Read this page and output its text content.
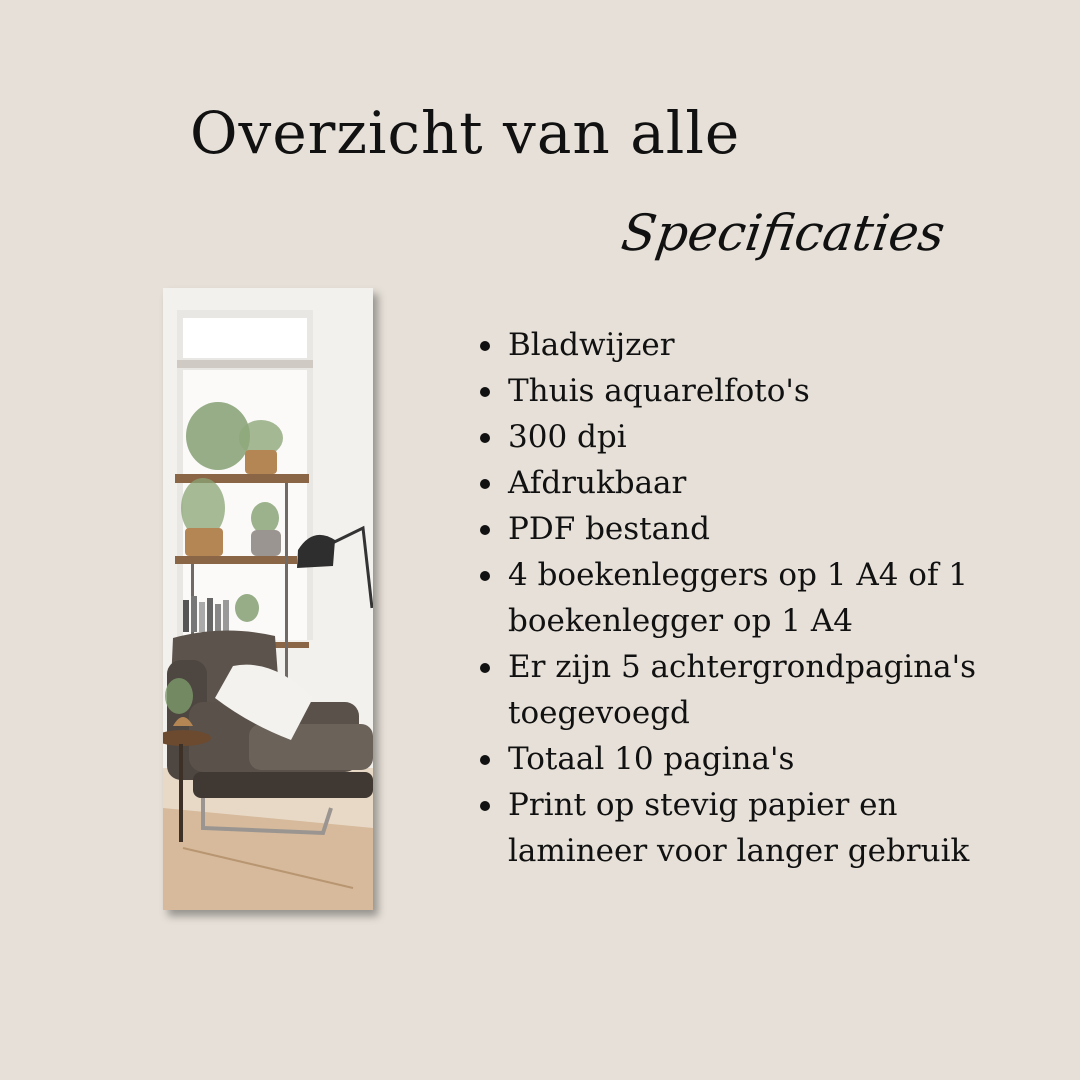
Overzicht van alle
Specificaties
Bladwijzer
Thuis aquarelfoto's
300 dpi
Afdrukbaar
PDF bestand
4 boekenleggers op 1 A4 of 1
boekenlegger op 1 A4
Er zijn 5 achtergrondpagina's
toegevoegd
Totaal 10 pagina's
Print op stevig papier en
lamineer voor langer gebruik
